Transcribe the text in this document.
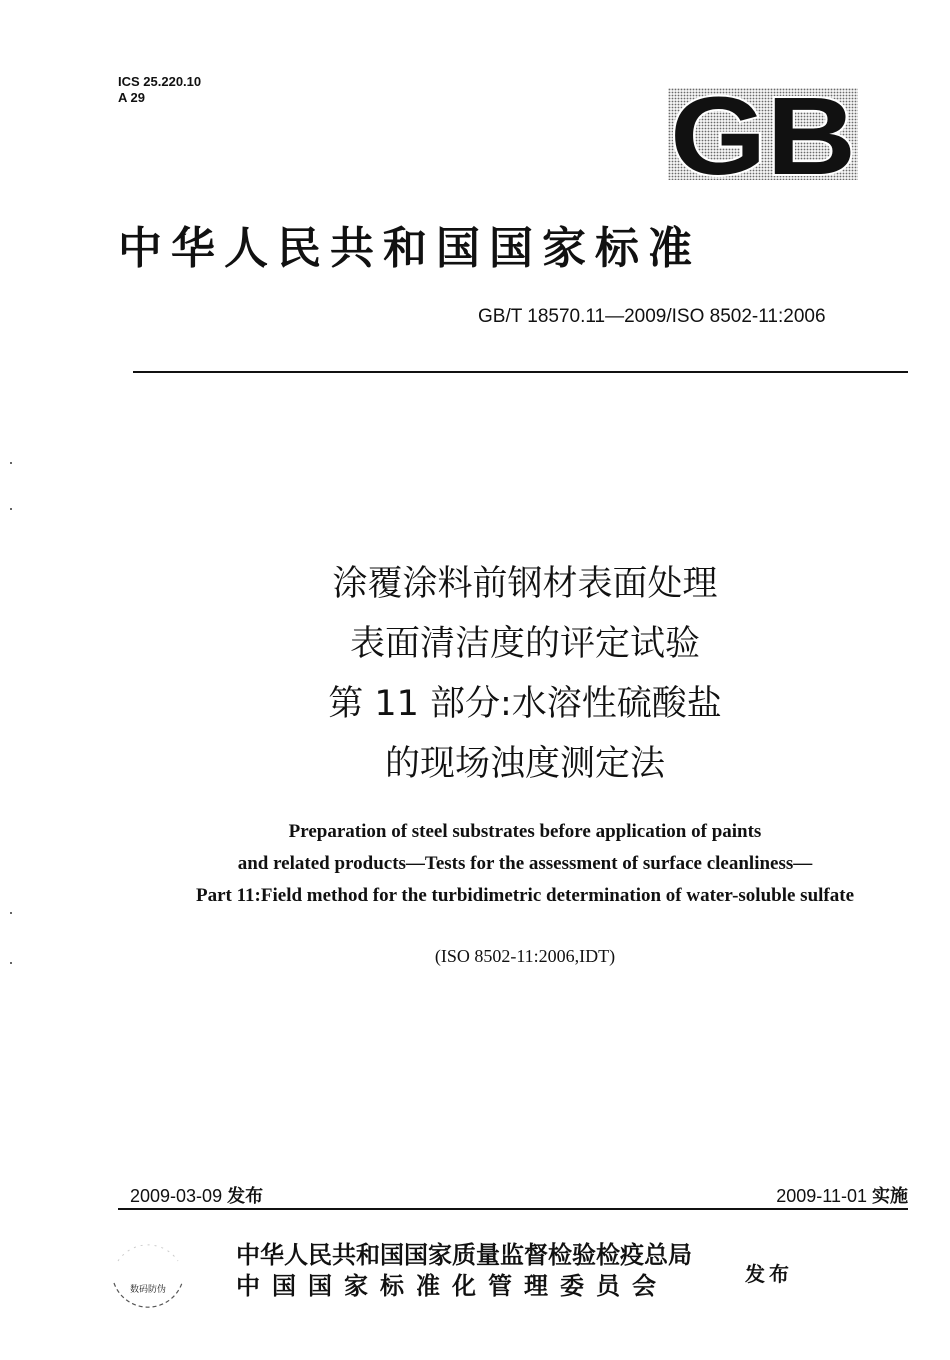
ICS 25.220.10
A 29	GB
中华人民共和国国家标准
GB/T 18570.11—2009/ISO 8502-11:2006
涂覆涂料前钢材表面处理
表面清洁度的评定试验
第 11 部分:水溶性硫酸盐
的现场浊度测定法
Preparation of steel substrates before application of paints
and related products—Tests for the assessment of surface cleanliness—
Part 11:Field method for the turbidimetric determination of water-soluble sulfate
(ISO 8502-11:2006,IDT)
2009-03-09 发布	2009-11-01 实施
数码防伪
中华人民共和国国家质量监督检验检疫总局
中国国家标准化管理委员会	发布
